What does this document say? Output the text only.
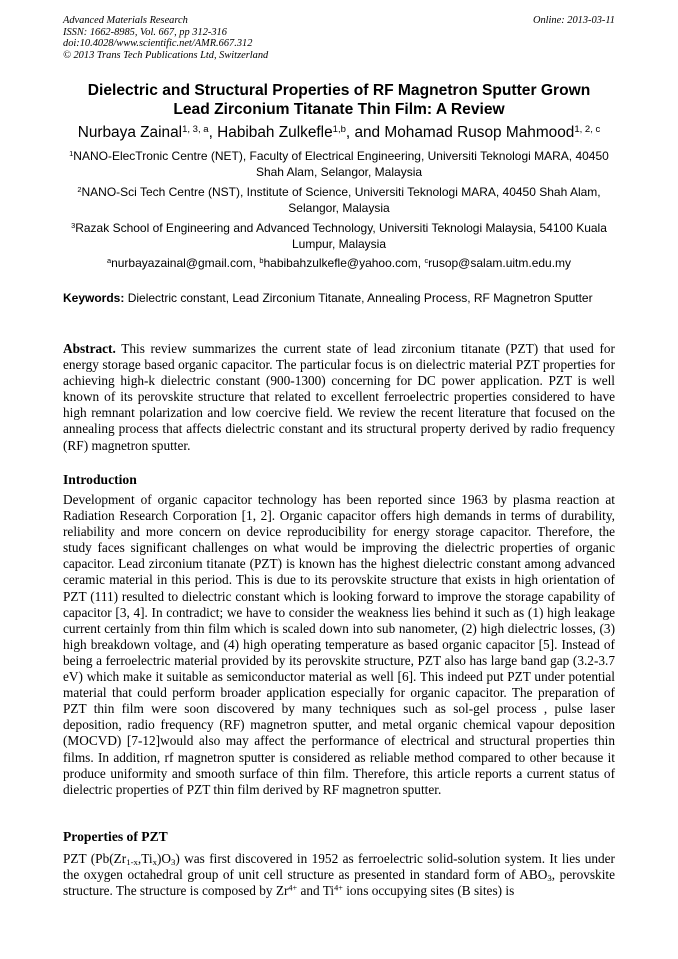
Advanced Materials Research
ISSN: 1662-8985, Vol. 667, pp 312-316
doi:10.4028/www.scientific.net/AMR.667.312
© 2013 Trans Tech Publications Ltd, Switzerland
Online: 2013-03-11
Dielectric and Structural Properties of RF Magnetron Sputter Grown
Lead Zirconium Titanate Thin Film: A Review
Nurbaya Zainal$^{1, 3, a}$, Habibah Zulkefle$^{1,b}$, and Mohamad Rusop Mahmood$^{1, 2, c}$
$^1$NANO-ElecTronic Centre (NET), Faculty of Electrical Engineering, Universiti Teknologi MARA, 40450 Shah Alam, Selangor, Malaysia
$^2$NANO-Sci Tech Centre (NST), Institute of Science, Universiti Teknologi MARA, 40450 Shah Alam, Selangor, Malaysia
$^3$Razak School of Engineering and Advanced Technology, Universiti Teknologi Malaysia, 54100 Kuala Lumpur, Malaysia
$^a$nurbayazainal@gmail.com, $^b$habibahzulkefle@yahoo.com, $^c$rusop@salam.uitm.edu.my
Keywords: Dielectric constant, Lead Zirconium Titanate, Annealing Process, RF Magnetron Sputter
Abstract. This review summarizes the current state of lead zirconium titanate (PZT) that used for energy storage based organic capacitor. The particular focus is on dielectric material PZT properties for achieving high-k dielectric constant (900-1300) concerning for DC power application. PZT is well known of its perovskite structure that related to excellent ferroelectric properties considered to have high remnant polarization and low coercive field. We review the recent literature that focused on the annealing process that affects dielectric constant and its structural property derived by radio frequency (RF) magnetron sputter.
Introduction
Development of organic capacitor technology has been reported since 1963 by plasma reaction at Radiation Research Corporation [1, 2]. Organic capacitor offers high demands in terms of durability, reliability and more concern on device reproducibility for energy storage capacitor. Therefore, the study faces significant challenges on what would be improving the dielectric properties of organic capacitor. Lead zirconium titanate (PZT) is known has the highest dielectric constant among advanced ceramic material in this period. This is due to its perovskite structure that exists in high orientation of PZT (111) resulted to dielectric constant which is looking forward to improve the storage capability of capacitor [3, 4]. In contradict; we have to consider the weakness lies behind it such as (1) high leakage current certainly from thin film which is scaled down into sub nanometer, (2) high dielectric losses, (3) high breakdown voltage, and (4) high operating temperature as based organic capacitor [5]. Instead of being a ferroelectric material provided by its perovskite structure, PZT also has large band gap (3.2-3.7 eV) which make it suitable as semiconductor material as well [6]. This indeed put PZT under potential material that could perform broader application especially for organic capacitor. The preparation of PZT thin film were soon discovered by many techniques such as sol-gel process , pulse laser deposition, radio frequency (RF) magnetron sputter, and metal organic chemical vapour deposition (MOCVD) [7-12]would also may affect the performance of electrical and structural properties thin films. In addition, rf magnetron sputter is considered as reliable method compared to other because it produce uniformity and smooth surface of thin film. Therefore, this article reports a current status of dielectric properties of PZT thin film derived by RF magnetron sputter.
Properties of PZT
PZT $(Pb(Zr_{1-x},Ti_x)O_3)$ was first discovered in 1952 as ferroelectric solid-solution system. It lies under the oxygen octahedral group of unit cell structure as presented in standard form of $ABO_3$, perovskite structure. The structure is composed by $Zr^{4+}$ and $Ti^{4+}$ ions occupying sites (B sites) is
